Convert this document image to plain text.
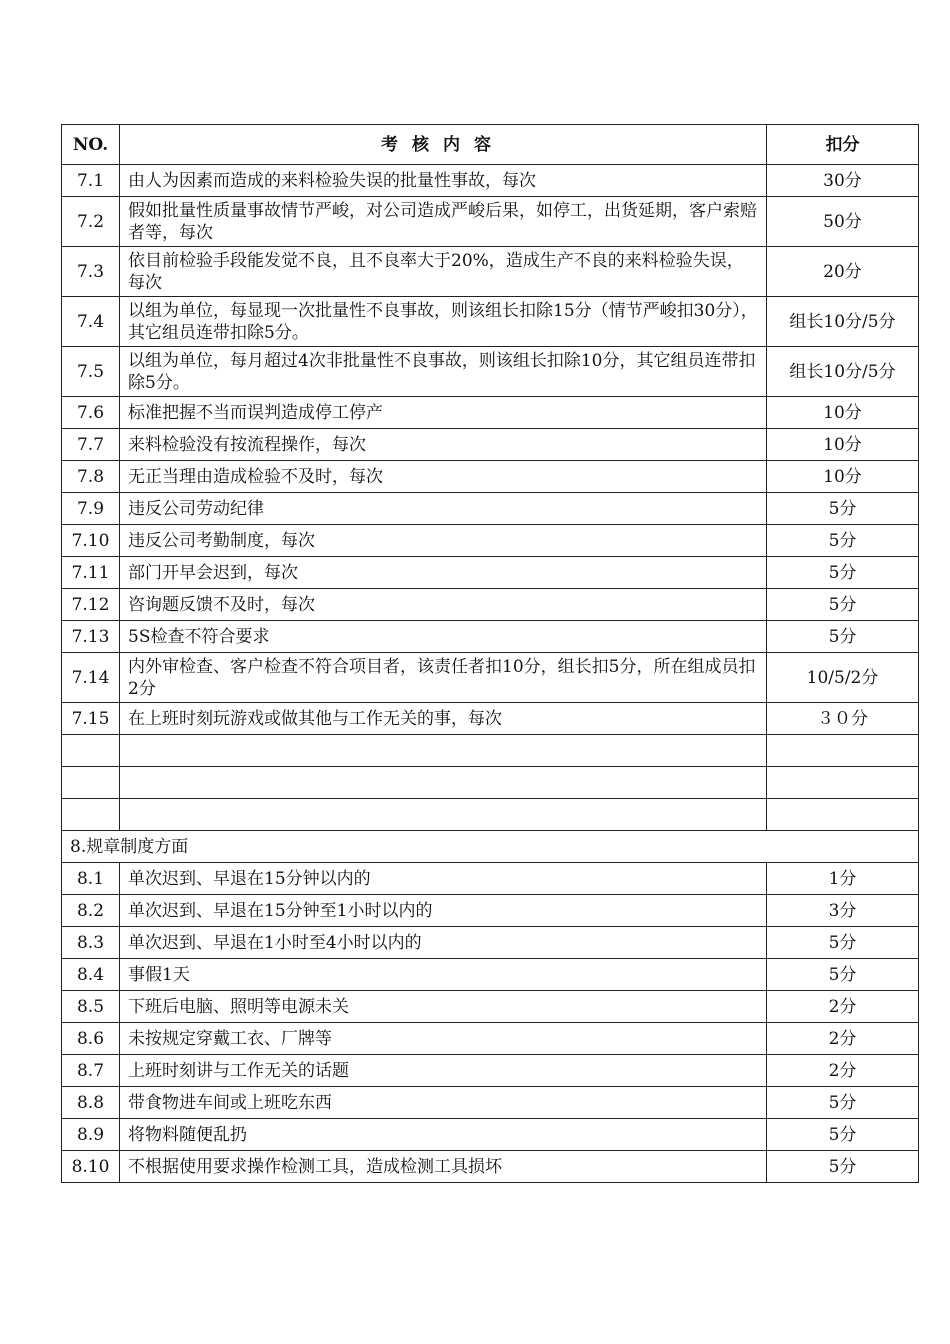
NO.	考核内容	扣分
7.1	由人为因素而造成的来料检验失误的批量性事故，每次	30分
7.2	假如批量性质量事故情节严峻，对公司造成严峻后果，如停工，出货延期，客户索赔者等，每次	50分
7.3	依目前检验手段能发觉不良，且不良率大于20%，造成生产不良的来料检验失误，每次	20分
7.4	以组为单位，每显现一次批量性不良事故，则该组长扣除15分（情节严峻扣30分），其它组员连带扣除5分。	组长10分/5分
7.5	以组为单位，每月超过4次非批量性不良事故，则该组长扣除10分，其它组员连带扣除5分。	组长10分/5分
7.6	标准把握不当而误判造成停工停产	10分
7.7	来料检验没有按流程操作，每次	10分
7.8	无正当理由造成检验不及时，每次	10分
7.9	违反公司劳动纪律	5分
7.10	违反公司考勤制度，每次	5分
7.11	部门开早会迟到，每次	5分
7.12	咨询题反馈不及时，每次	5分
7.13	5S检查不符合要求	5分
7.14	内外审检查、客户检查不符合项目者，该责任者扣10分，组长扣5分，所在组成员扣2分	10/5/2分
7.15	在上班时刻玩游戏或做其他与工作无关的事，每次	３０分

8.规章制度方面		
8.1	单次迟到、早退在15分钟以内的	1分
8.2	单次迟到、早退在15分钟至1小时以内的	3分
8.3	单次迟到、早退在1小时至4小时以内的	5分
8.4	事假1天	5分
8.5	下班后电脑、照明等电源未关	2分
8.6	未按规定穿戴工衣、厂牌等	2分
8.7	上班时刻讲与工作无关的话题	2分
8.8	带食物进车间或上班吃东西	5分
8.9	将物料随便乱扔	5分
8.10	不根据使用要求操作检测工具，造成检测工具损坏	5分
